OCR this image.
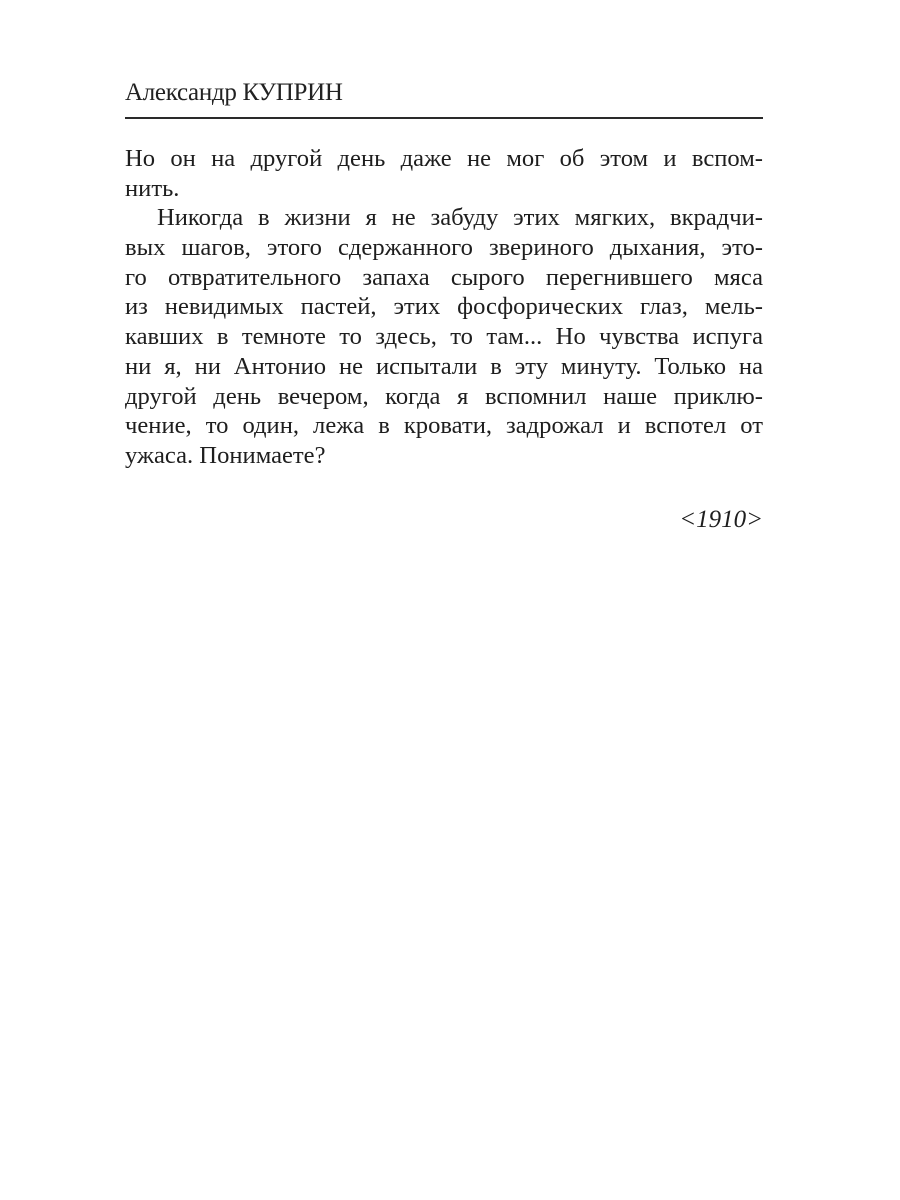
Александр КУПРИН
Но он на другой день даже не мог об этом и вспом-
нить.
Никогда в жизни я не забуду этих мягких, вкрадчи-
вых шагов, этого сдержанного звериного дыхания, это-
го отвратительного запаха сырого перегнившего мяса
из невидимых пастей, этих фосфорических глаз, мель-
кавших в темноте то здесь, то там... Но чувства испуга
ни я, ни Антонио не испытали в эту минуту. Только на
другой день вечером, когда я вспомнил наше приклю-
чение, то один, лежа в кровати, задрожал и вспотел от
ужаса. Понимаете?
<1910>
